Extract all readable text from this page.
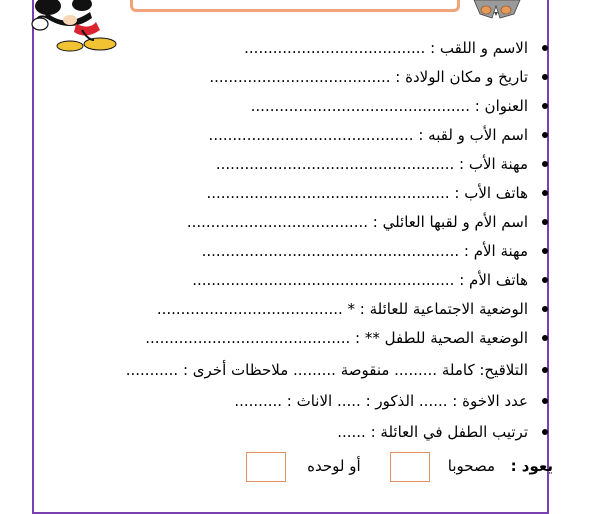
الاسم و اللقب : ......................................
تاريخ و مكان الولادة : ......................................
العنوان : ..............................................
اسم الأب و لقبه : ...........................................
مهنة الأب : ..................................................
هاتف الأب : ...................................................
اسم الأم و لقبها العائلي : ......................................
مهنة الأم : ......................................................
هاتف الأم : .......................................................
الوضعية الاجتماعية للعائلة : * .......................................
الوضعية الصحية للطفل ** : ...........................................
التلاقيح: كاملة ......... منقوصة ......... ملاحظات أخرى : ...........
عدد الاخوة : ...... الذكور : ..... الاناث : ..........
ترتيب الطفل في العائلة : ......
يعود :  مصحوبا    أو لوحده
